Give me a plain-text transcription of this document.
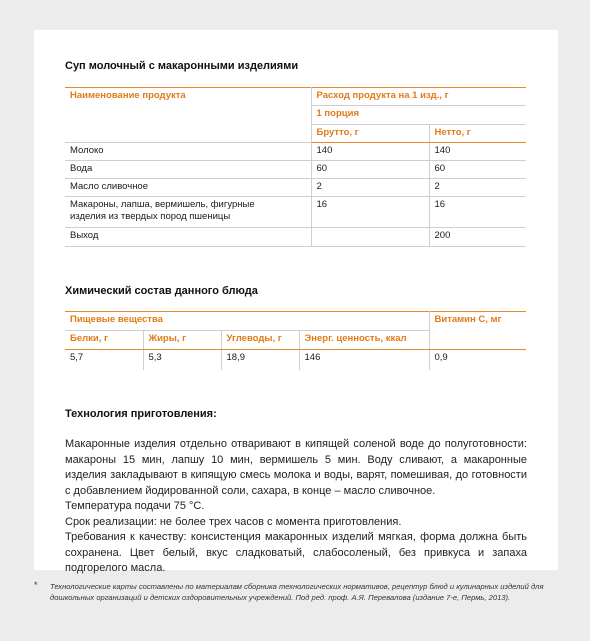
Суп молочный с макаронными изделиями
Наименование продукта	Расход продукта на 1 изд., г	
	1 порция	
	Брутто, г	Нетто, г
Молоко	140	140
Вода	60	60
Масло сливочное	2	2
Макароны, лапша, вермишель, фигурные изделия из твердых пород пшеницы	16	16
Выход		200
Химический состав данного блюда
Пищевые вещества				Витамин С, мг
Белки, г	Жиры, г	Углеводы, г	Энерг. ценность, ккал	
5,7	5,3	18,9	146	0,9
Технология приготовления:

Макаронные изделия отдельно отваривают в кипящей соленой воде до полуготовности: макароны 15 мин, лапшу 10 мин, вермишель 5 мин. Воду сливают, а макаронные изделия закладывают в кипящую смесь молока и воды, варят, помешивая, до готовности с добавлением йодированной соли, сахара, в конце – масло сливочное.

Температура подачи 75 °С.

Срок реализации: не более трех часов с момента приготовления.

Требования к качеству: консистенция макаронных изделий мягкая, форма должна быть сохранена. Цвет белый, вкус сладковатый, слабосоленый, без привкуса и запаха подгорелого масла.

* Технологические карты составлены по материалам сборника технологических нормативов, рецептур блюд и кулинарных изделий для дошкольных организаций и детских оздоровительных учреждений. Под ред. проф. А.Я. Перевалова (издание 7-е, Пермь, 2013).
